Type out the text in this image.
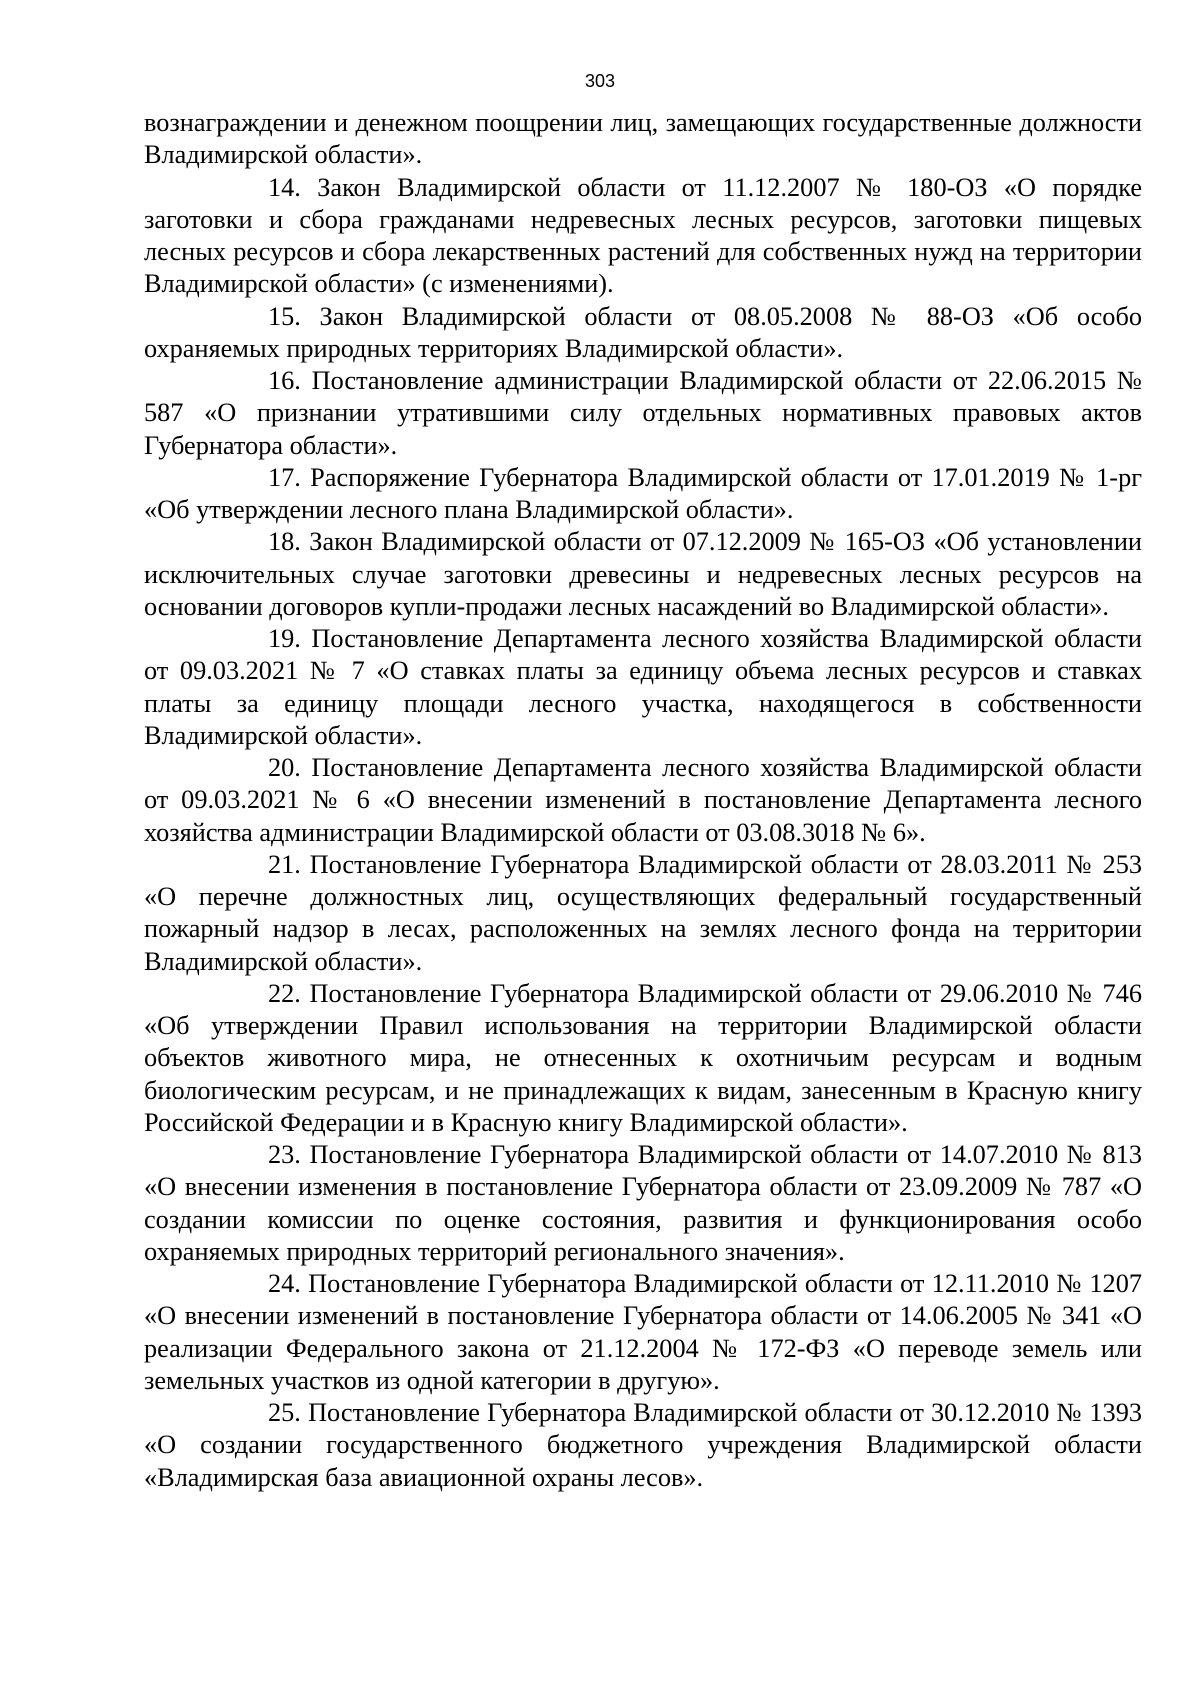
303

вознаграждении и денежном поощрении лиц, замещающих государственные должности Владимирской области».

14. Закон Владимирской области от 11.12.2007 № 180-ОЗ «О порядке заготовки и сбора гражданами недревесных лесных ресурсов, заготовки пищевых лесных ресурсов и сбора лекарственных растений для собственных нужд на территории Владимирской области» (с изменениями).

15. Закон Владимирской области от 08.05.2008 № 88-ОЗ «Об особо охраняемых природных территориях Владимирской области».

16. Постановление администрации Владимирской области от 22.06.2015 № 587 «О признании утратившими силу отдельных нормативных правовых актов Губернатора области».

17. Распоряжение Губернатора Владимирской области от 17.01.2019 № 1-рг «Об утверждении лесного плана Владимирской области».

18. Закон Владимирской области от 07.12.2009 № 165-ОЗ «Об установлении исключительных случае заготовки древесины и недревесных лесных ресурсов на основании договоров купли-продажи лесных насаждений во Владимирской области».

19. Постановление Департамента лесного хозяйства Владимирской области от 09.03.2021 № 7 «О ставках платы за единицу объема лесных ресурсов и ставках платы за единицу площади лесного участка, находящегося в собственности Владимирской области».

20. Постановление Департамента лесного хозяйства Владимирской области от 09.03.2021 № 6 «О внесении изменений в постановление Департамента лесного хозяйства администрации Владимирской области от 03.08.3018 № 6».

21. Постановление Губернатора Владимирской области от 28.03.2011 № 253 «О перечне должностных лиц, осуществляющих федеральный государственный пожарный надзор в лесах, расположенных на землях лесного фонда на территории Владимирской области».

22. Постановление Губернатора Владимирской области от 29.06.2010 № 746 «Об утверждении Правил использования на территории Владимирской области объектов животного мира, не отнесенных к охотничьим ресурсам и водным биологическим ресурсам, и не принадлежащих к видам, занесенным в Красную книгу Российской Федерации и в Красную книгу Владимирской области».

23. Постановление Губернатора Владимирской области от 14.07.2010 № 813 «О внесении изменения в постановление Губернатора области от 23.09.2009 № 787 «О создании комиссии по оценке состояния, развития и функционирования особо охраняемых природных территорий регионального значения».

24. Постановление Губернатора Владимирской области от 12.11.2010 № 1207 «О внесении изменений в постановление Губернатора области от 14.06.2005 № 341 «О реализации Федерального закона от 21.12.2004 № 172-ФЗ «О переводе земель или земельных участков из одной категории в другую».

25. Постановление Губернатора Владимирской области от 30.12.2010 № 1393 «О создании государственного бюджетного учреждения Владимирской области «Владимирская база авиационной охраны лесов».
